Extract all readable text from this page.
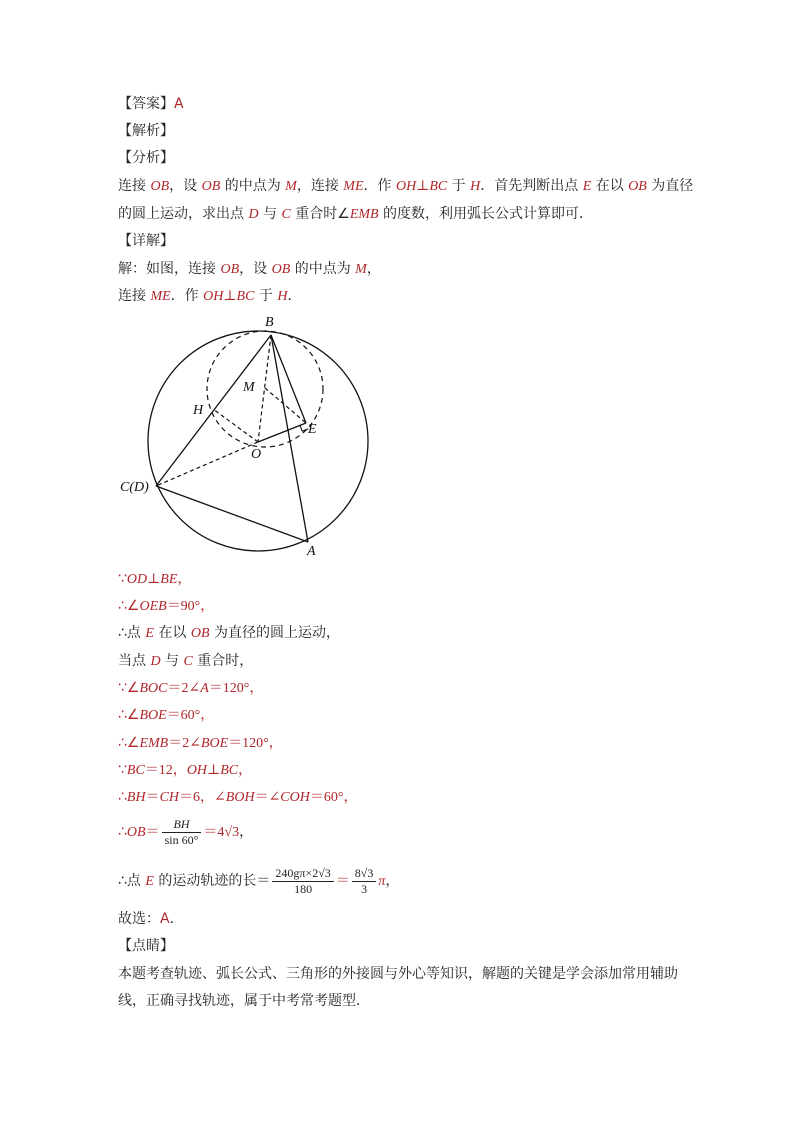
【答案】A
【解析】
【分析】
连接 OB，设 OB 的中点为 M，连接 ME．作 OH⊥BC 于 H．首先判断出点 E 在以 OB 为直径
的圆上运动，求出点 D 与 C 重合时∠EMB 的度数，利用弧长公式计算即可．
【详解】
解：如图，连接 OB，设 OB 的中点为 M，
连接 ME．作 OH⊥BC 于 H．
B
M
H
E
O
C(D)
A
∵OD⊥BE，
∴∠OEB＝90°，
∴点 E 在以 OB 为直径的圆上运动，
当点 D 与 C 重合时，
∵∠BOC＝2∠A＝120°，
∴∠BOE＝60°，
∴∠EMB＝2∠BOE＝120°，
∵BC＝12，OH⊥BC，
∴BH＝CH＝6，∠BOH＝∠COH＝60°，
∴OB＝ $\frac{BH}{\sin 60^\circ} =4√3$，
∴点 E 的运动轨迹的长＝ $\frac{240g\pi\times 2√3}{180} = \frac{8√3}{3}$ π，
故选：A．
【点睛】
本题考查轨迹、弧长公式、三角形的外接圆与外心等知识，解题的关键是学会添加常用辅助
线，正确寻找轨迹，属于中考常考题型．
